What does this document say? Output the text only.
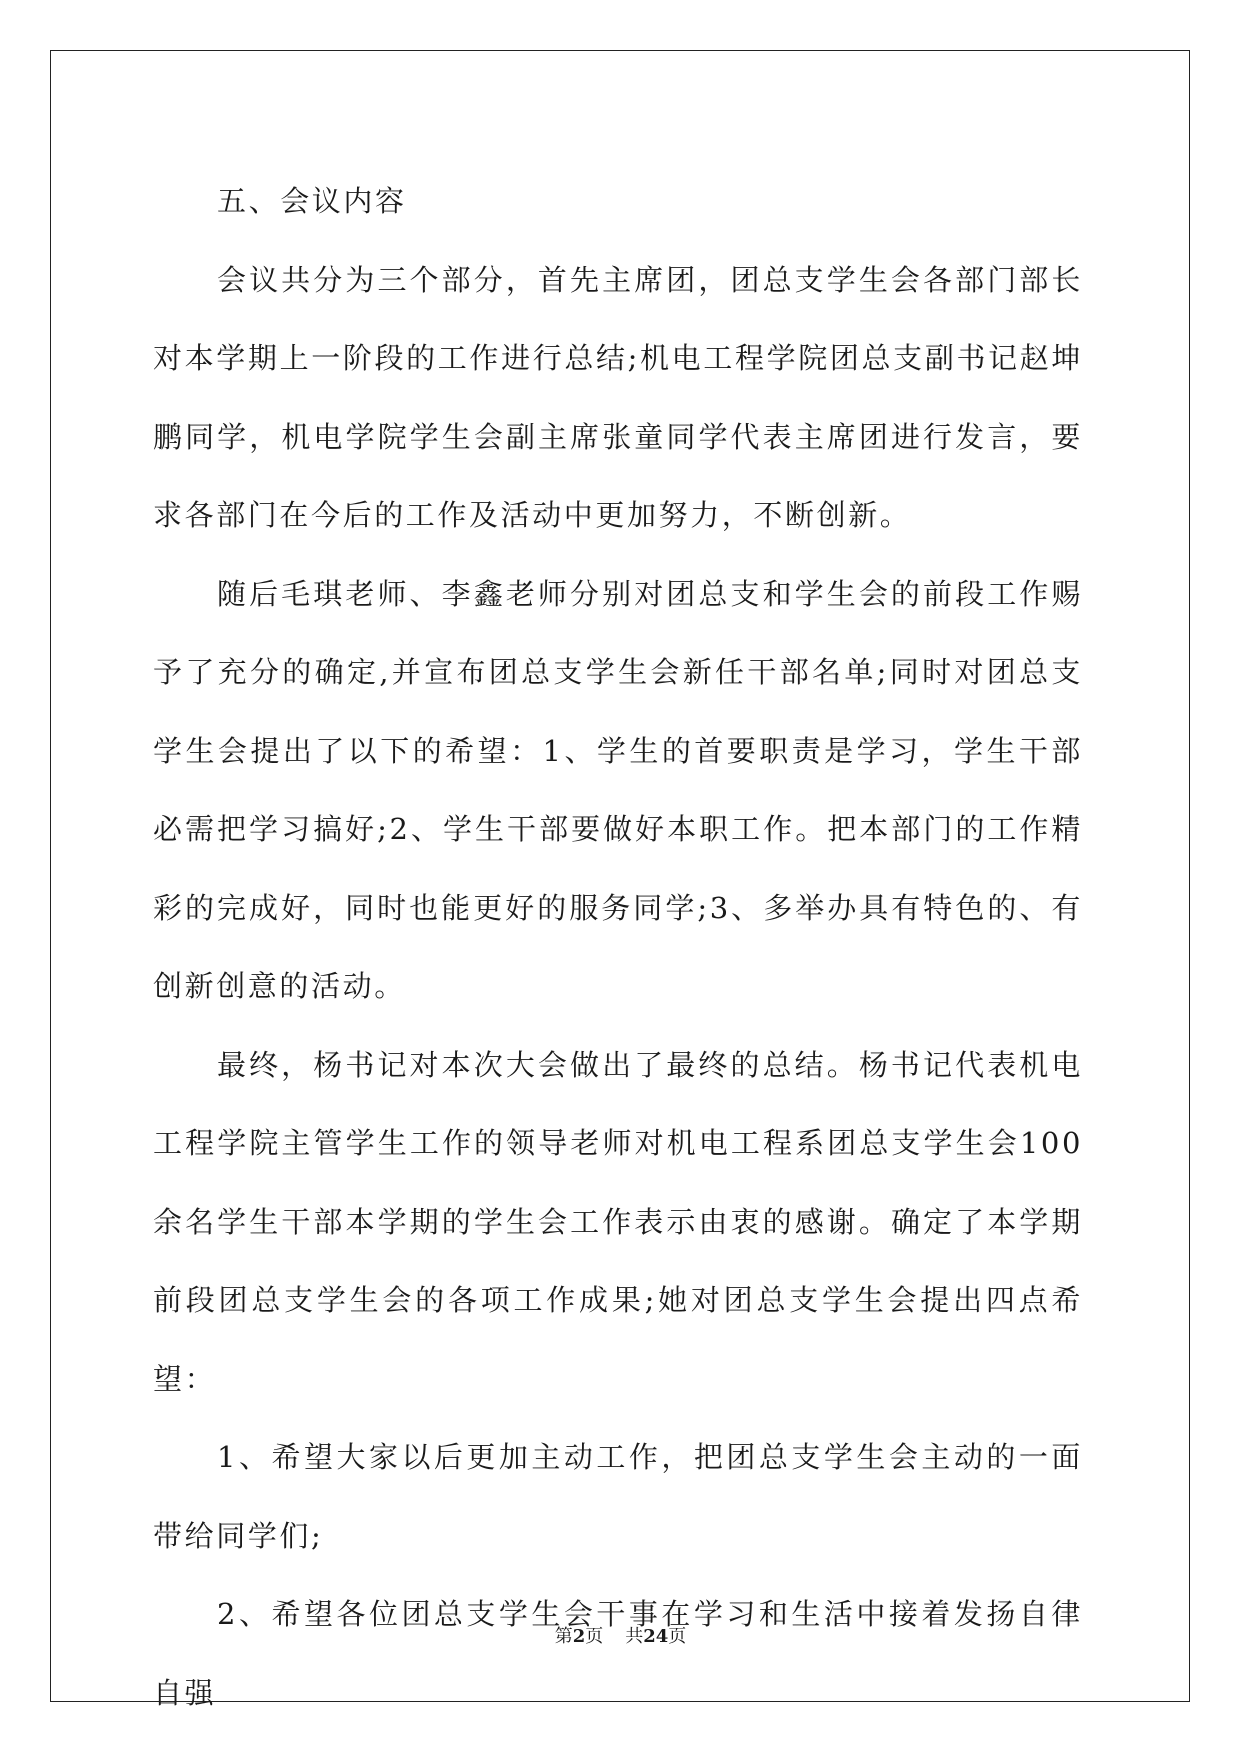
五、会议内容

会议共分为三个部分，首先主席团，团总支学生会各部门部长对本学期上一阶段的工作进行总结;机电工程学院团总支副书记赵坤鹏同学，机电学院学生会副主席张童同学代表主席团进行发言，要求各部门在今后的工作及活动中更加努力，不断创新。

随后毛琪老师、李鑫老师分别对团总支和学生会的前段工作赐予了充分的确定,并宣布团总支学生会新任干部名单;同时对团总支学生会提出了以下的希望：1、学生的首要职责是学习，学生干部必需把学习搞好;2、学生干部要做好本职工作。把本部门的工作精彩的完成好，同时也能更好的服务同学;3、多举办具有特色的、有创新创意的活动。

最终，杨书记对本次大会做出了最终的总结。杨书记代表机电工程学院主管学生工作的领导老师对机电工程系团总支学生会100余名学生干部本学期的学生会工作表示由衷的感谢。确定了本学期前段团总支学生会的各项工作成果;她对团总支学生会提出四点希望：

1、希望大家以后更加主动工作，把团总支学生会主动的一面带给同学们;

2、希望各位团总支学生会干事在学习和生活中接着发扬自律自强

第2页 共24页
